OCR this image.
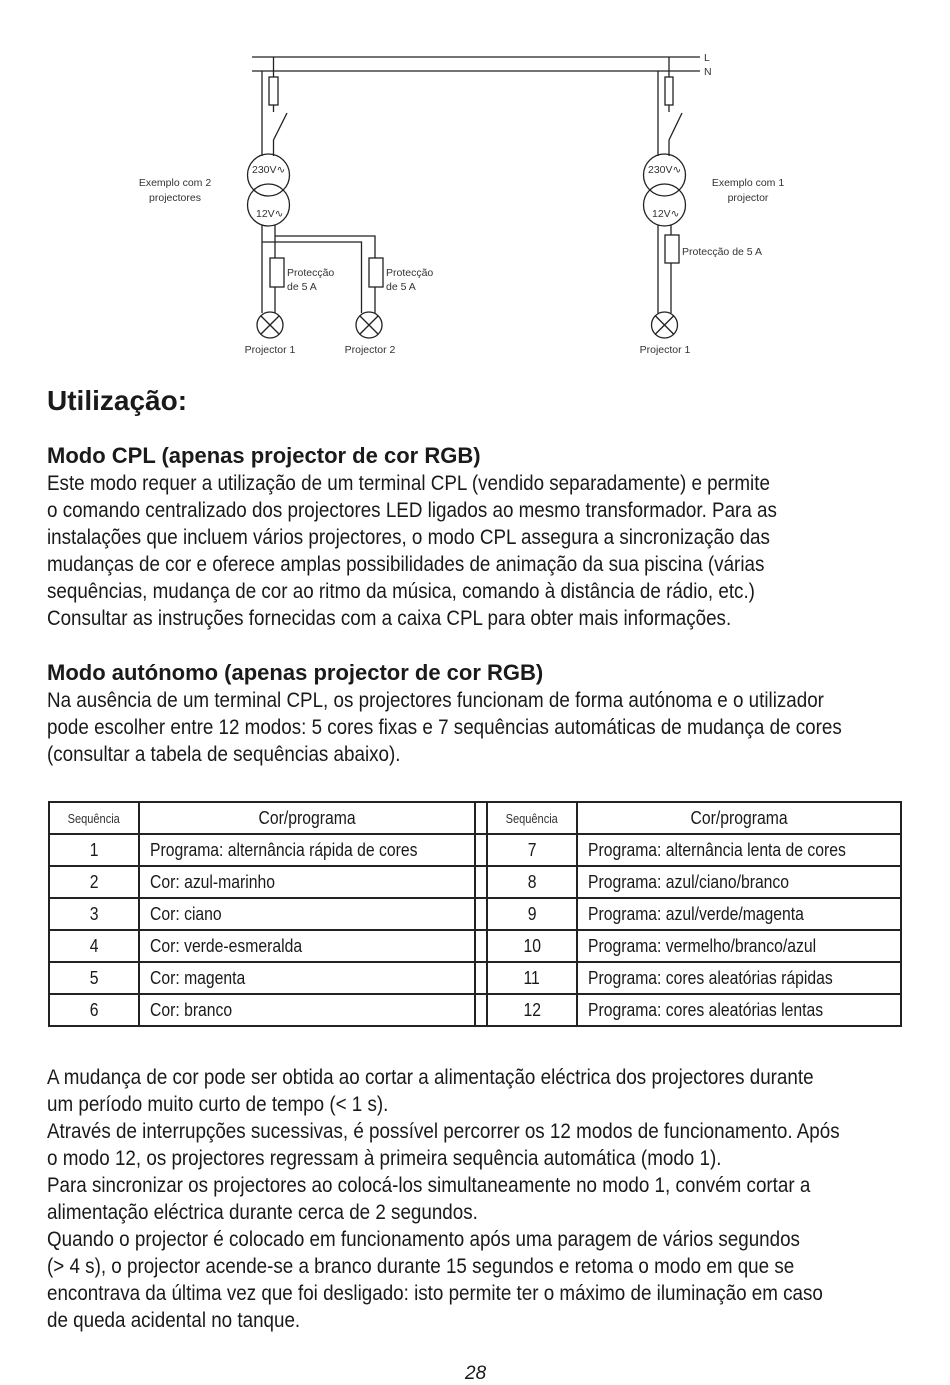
L
N
Exemplo com 2
projectores
Exemplo com 1
projector
230V∿
12V∿
230V∿
12V∿
Protecção
de 5 A
Protecção
de 5 A
Protecção de 5 A
Projector 1	Projector 2	Projector 1
Utilização:
Modo CPL (apenas projector de cor RGB)
Este modo requer a utilização de um terminal CPL (vendido separadamente) e permite
o comando centralizado dos projectores LED ligados ao mesmo transformador. Para as
instalações que incluem vários projectores, o modo CPL assegura a sincronização das
mudanças de cor e oferece amplas possibilidades de animação da sua piscina (várias
sequências, mudança de cor ao ritmo da música, comando à distância de rádio, etc.)
Consultar as instruções fornecidas com a caixa CPL para obter mais informações.
Modo autónomo (apenas projector de cor RGB)
Na ausência de um terminal CPL, os projectores funcionam de forma autónoma e o utilizador
pode escolher entre 12 modos: 5 cores fixas e 7 sequências automáticas de mudança de cores
(consultar a tabela de sequências abaixo).
Sequência	Cor/programa		Sequência	Cor/programa
1	Programa: alternância rápida de cores		7	Programa: alternância lenta de cores
2	Cor: azul-marinho		8	Programa: azul/ciano/branco
3	Cor: ciano		9	Programa: azul/verde/magenta
4	Cor: verde-esmeralda		10	Programa: vermelho/branco/azul
5	Cor: magenta		11	Programa: cores aleatórias rápidas
6	Cor: branco		12	Programa: cores aleatórias lentas
A mudança de cor pode ser obtida ao cortar a alimentação eléctrica dos projectores durante
um período muito curto de tempo (< 1 s).
Através de interrupções sucessivas, é possível percorrer os 12 modos de funcionamento. Após
o modo 12, os projectores regressam à primeira sequência automática (modo 1).
Para sincronizar os projectores ao colocá-los simultaneamente no modo 1, convém cortar a
alimentação eléctrica durante cerca de 2 segundos.
Quando o projector é colocado em funcionamento após uma paragem de vários segundos
(> 4 s), o projector acende-se a branco durante 15 segundos e retoma o modo em que se
encontrava da última vez que foi desligado: isto permite ter o máximo de iluminação em caso
de queda acidental no tanque.
28
